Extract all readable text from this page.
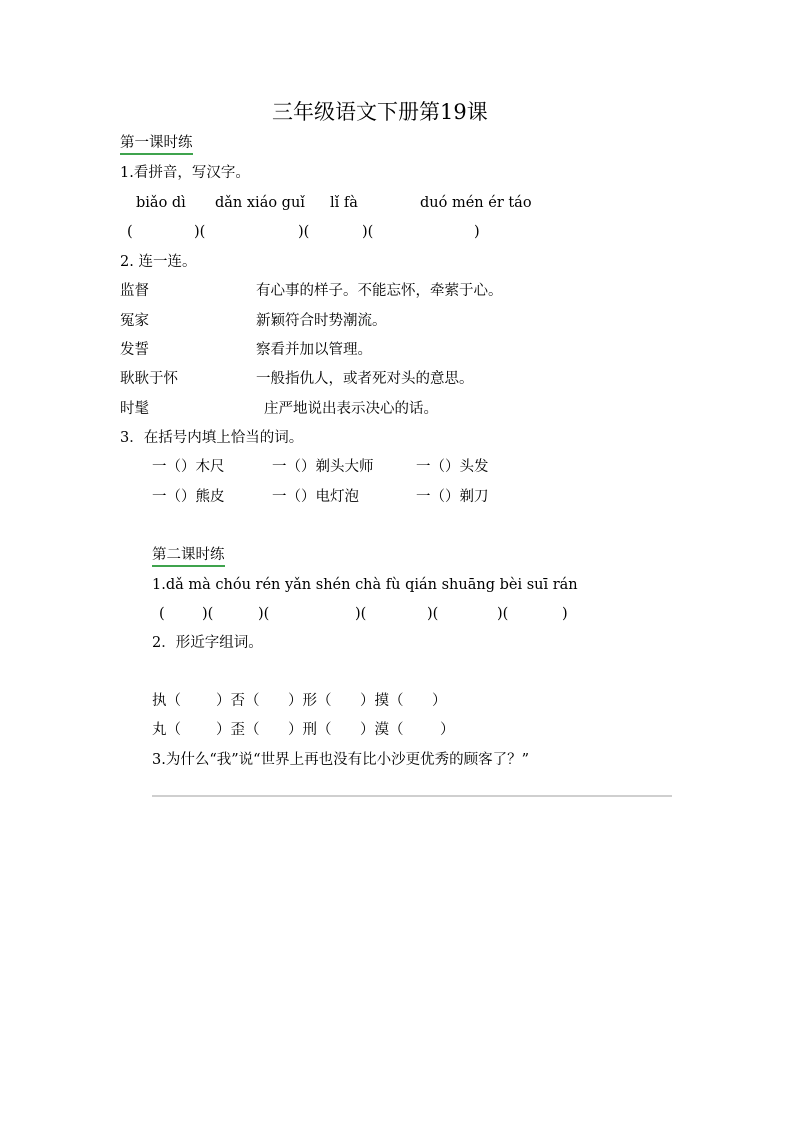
三年级语文下册第19课
第一课时练
1.看拼音，写汉字。
biǎo dì dǎn xiáo guǐ lǐ fà	duó mén ér táo
(	)(	)(	)(	)
2. 连一连。
监督	有心事的样子。不能忘怀，牵萦于心。
冤家	新颖符合时势潮流。
发誓	察看并加以管理。
耿耿于怀	一般指仇人，或者死对头的意思。
时髦	庄严地说出表示决心的话。
3．在括号内填上恰当的词。
一（）木尺	一（）剃头大师	一（）头发
一（）熊皮	一（）电灯泡	一（）剃刀
第二课时练
1.dǎ mà chóu rén yǎn shén chà fù qián shuāng bèi suī rán
(	)(	)(	)(	)(	)(	)
2．形近字组词。
执（ ）否（ ）形（ ）摸（ ）
丸（ ）歪（ ）刑（ ）漠（	）
3.为什么“我”说“世界上再也没有比小沙更优秀的顾客了？”
